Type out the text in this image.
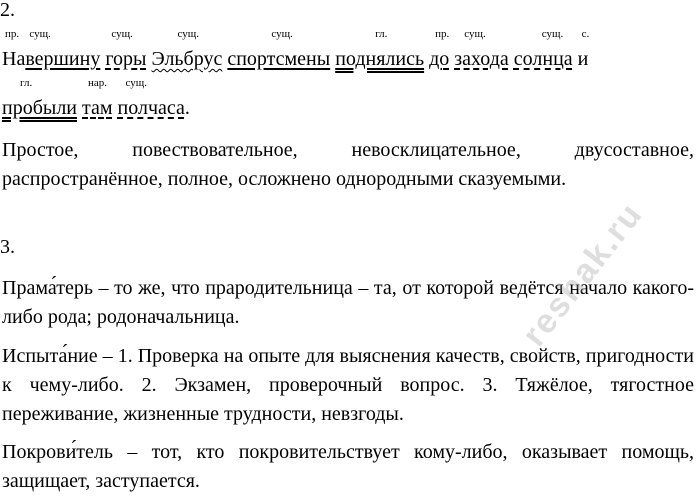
2.
пр.
На
сущ.
вершину
сущ.
горы
сущ.
Эльбрус
сущ.
спортсмены
гл.
поднялись
пр.
до
сущ.
захода
сущ.
солнца
с.
и
гл.
пробыли
нар.
там
сущ.
полчаса.
Простое, повествовательное, невосклицательное, двусоставное, распространённое, полное, осложнено однородными сказуемыми.
3.
Прама́терь – то же, что прародительница – та, от которой ведётся начало какого-либо рода; родоначальница.
Испыта́ние – 1. Проверка на опыте для выяснения качеств, свойств, пригодности к чему-либо. 2. Экзамен, проверочный вопрос. 3. Тяжёлое, тягостное переживание, жизненные трудности, невзгоды.
Покрови́тель – тот, кто покровительствует кому-либо, оказывает помощь, защищает, заступается.
reshak.ru
